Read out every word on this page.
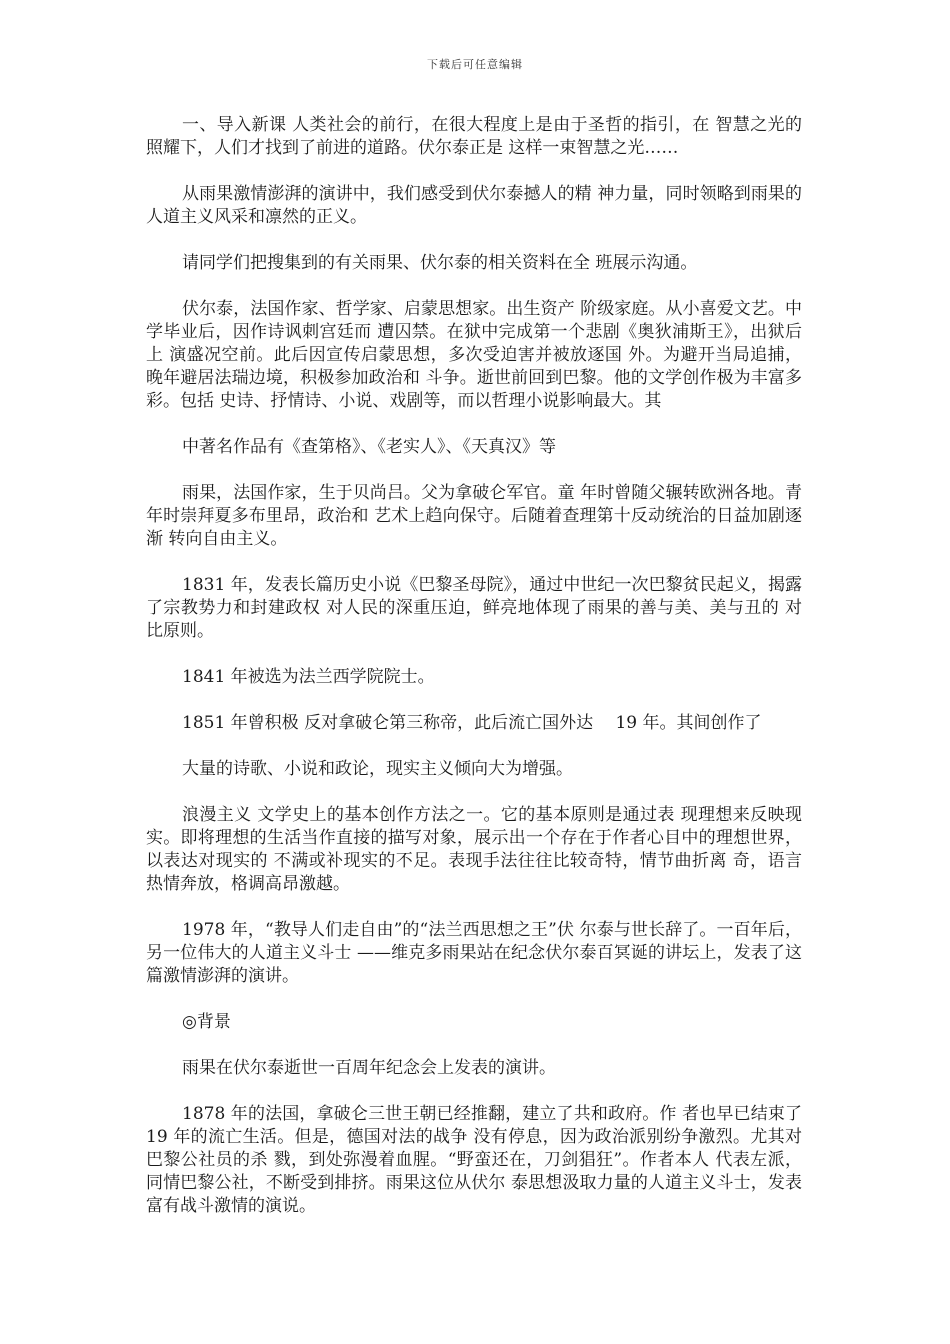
下载后可任意编辑

一、导入新课 人类社会的前行，在很大程度上是由于圣哲的指引，在 智慧之光的照耀下，人们才找到了前进的道路。伏尔泰正是 这样一束智慧之光……

从雨果激情澎湃的演讲中，我们感受到伏尔泰撼人的精 神力量，同时领略到雨果的人道主义风采和凛然的正义。

请同学们把搜集到的有关雨果、伏尔泰的相关资料在全 班展示沟通。

伏尔泰，法国作家、哲学家、启蒙思想家。出生资产 阶级家庭。从小喜爱文艺。中学毕业后，因作诗讽刺宫廷而 遭囚禁。在狱中完成第一个悲剧《奥狄浦斯王》，出狱后上 演盛况空前。此后因宣传启蒙思想，多次受迫害并被放逐国 外。为避开当局追捕，晚年避居法瑞边境，积极参加政治和 斗争。逝世前回到巴黎。他的文学创作极为丰富多彩。包括 史诗、抒情诗、小说、戏剧等，而以哲理小说影响最大。其

中著名作品有《查第格》、《老实人》、《天真汉》等

雨果，法国作家，生于贝尚吕。父为拿破仑军官。童 年时曾随父辗转欧洲各地。青年时崇拜夏多布里昂，政治和 艺术上趋向保守。后随着查理第十反动统治的日益加剧逐渐 转向自由主义。

1831 年，发表长篇历史小说《巴黎圣母院》，通过中世纪一次巴黎贫民起义，揭露了宗教势力和封建政权 对人民的深重压迫，鲜亮地体现了雨果的善与美、美与丑的 对比原则。

1841 年被选为法兰西学院院士。

1851 年曾积极 反对拿破仑第三称帝，此后流亡国外达　 19 年。其间创作了

大量的诗歌、小说和政论，现实主义倾向大为增强。

浪漫主义 文学史上的基本创作方法之一。它的基本原则是通过表 现理想来反映现实。即将理想的生活当作直接的描写对象，展示出一个存在于作者心目中的理想世界，以表达对现实的 不满或补现实的不足。表现手法往往比较奇特，情节曲折离 奇，语言热情奔放，格调高昂激越。

1978 年，“教导人们走自由”的“法兰西思想之王”伏 尔泰与世长辞了。一百年后，另一位伟大的人道主义斗士 ——维克多雨果站在纪念伏尔泰百冥诞的讲坛上，发表了这 篇激情澎湃的演讲。

◎背景

雨果在伏尔泰逝世一百周年纪念会上发表的演讲。

1878 年的法国，拿破仑三世王朝已经推翻，建立了共和政府。作 者也早已结束了 19 年的流亡生活。但是，德国对法的战争 没有停息，因为政治派别纷争激烈。尤其对巴黎公社员的杀 戮，到处弥漫着血腥。“野蛮还在，刀剑猖狂”。作者本人 代表左派，同情巴黎公社，不断受到排挤。雨果这位从伏尔 泰思想汲取力量的人道主义斗士，发表富有战斗激情的演说。
